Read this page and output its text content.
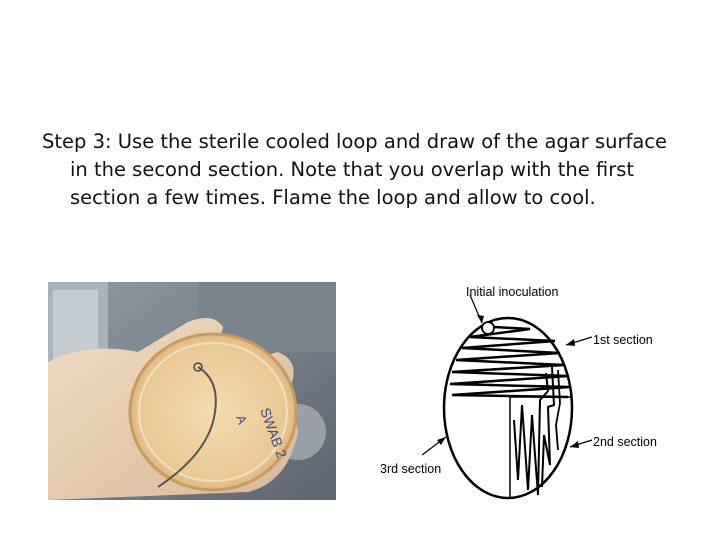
Step 3: Use the sterile cooled loop and draw of the agar surface
in the second section. Note that you overlap with the first
section a few times. Flame the loop and allow to cool.
SWAB 2
A
Initial inoculation
1st section
2nd section
3rd section
